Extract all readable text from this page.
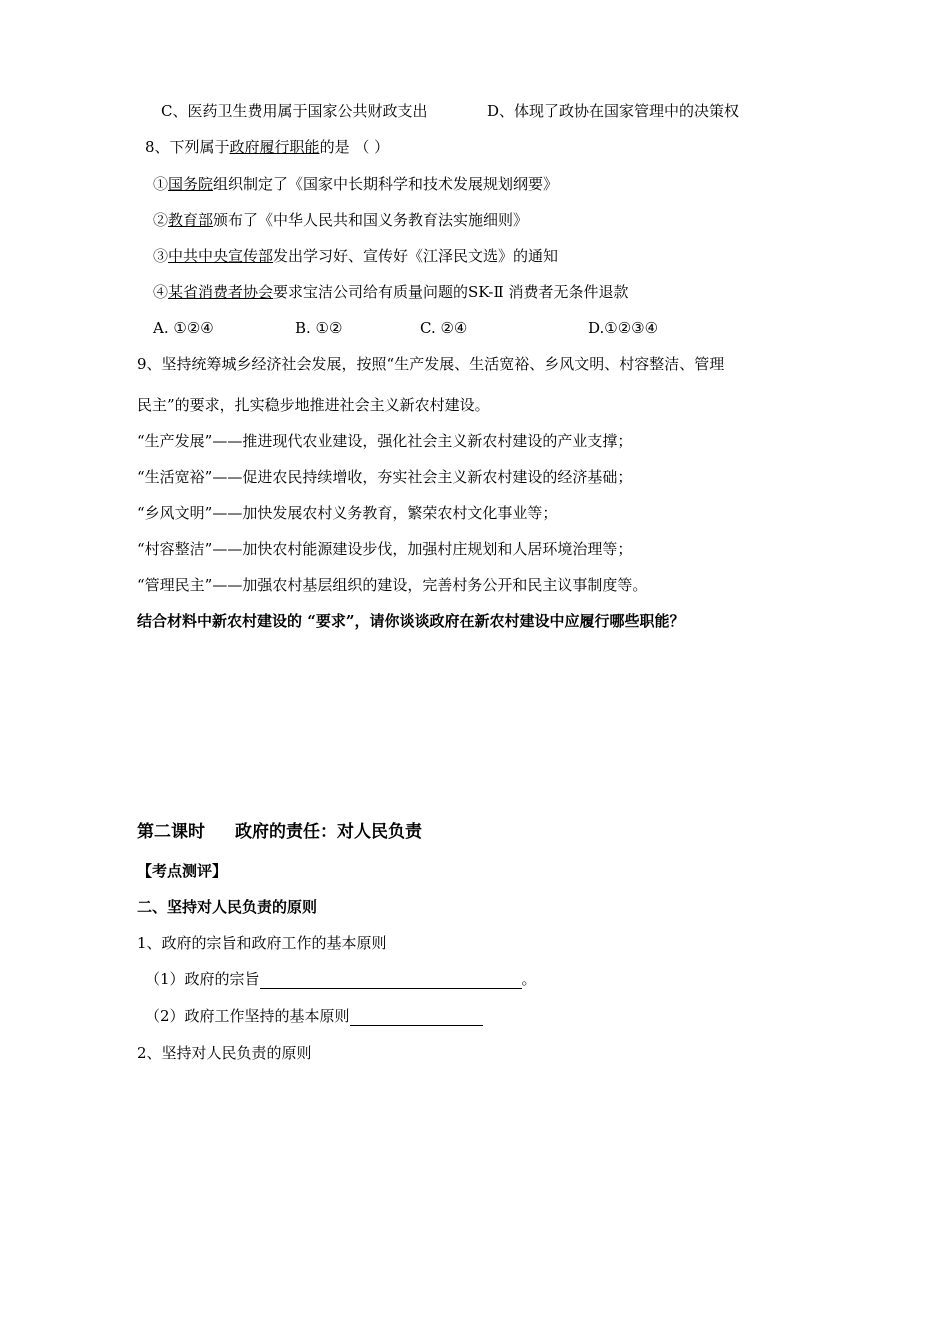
C、医药卫生费用属于国家公共财政支出	D、体现了政协在国家管理中的决策权
8、下列属于政府履行职能的是 （ ）
①国务院组织制定了《国家中长期科学和技术发展规划纲要》
②教育部颁布了《中华人民共和国义务教育法实施细则》
③中共中央宣传部发出学习好、宣传好《江泽民文选》的通知
④某省消费者协会要求宝洁公司给有质量问题的SK-Ⅱ 消费者无条件退款
A. ①②④	B. ①②	C. ②④	D.①②③④
9、坚持统筹城乡经济社会发展，按照“生产发展、生活宽裕、乡风文明、村容整洁、管理
民主”的要求，扎实稳步地推进社会主义新农村建设。
“生产发展”——推进现代农业建设，强化社会主义新农村建设的产业支撑；
“生活宽裕”——促进农民持续增收，夯实社会主义新农村建设的经济基础；
“乡风文明”——加快发展农村义务教育，繁荣农村文化事业等；
“村容整洁”——加快农村能源建设步伐，加强村庄规划和人居环境治理等；
“管理民主”——加强农村基层组织的建设，完善村务公开和民主议事制度等。
结合材料中新农村建设的 “要求”，请你谈谈政府在新农村建设中应履行哪些职能？
第二课时 政府的责任：对人民负责
【考点测评】
二、坚持对人民负责的原则
1、政府的宗旨和政府工作的基本原则
（1）政府的宗旨	。
（2）政府工作坚持的基本原则
2、坚持对人民负责的原则
